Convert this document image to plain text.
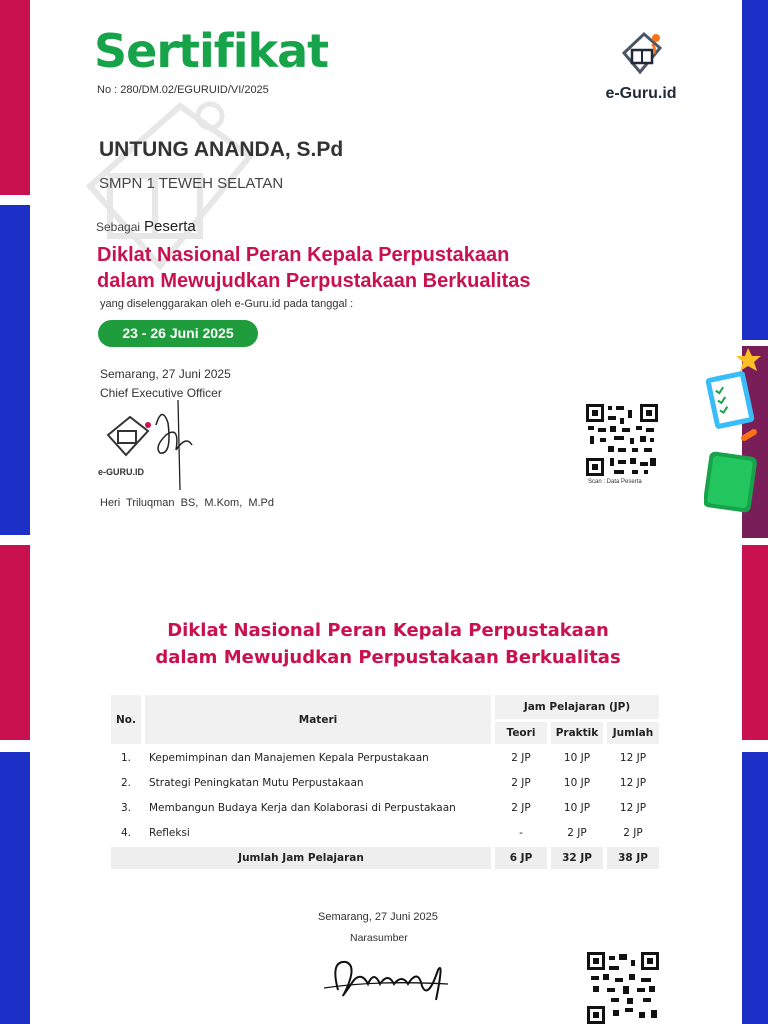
Sertifikat
No : 280/DM.02/EGURUID/VI/2025	e-Guru.id
UNTUNG ANANDA, S.Pd
SMPN 1 TEWEH SELATAN
Sebagai Peserta
Diklat Nasional Peran Kepala Perpustakaan
dalam Mewujudkan Perpustakaan Berkualitas
yang diselenggarakan oleh e-Guru.id pada tanggal :
23 - 26 Juni 2025
Semarang, 27 Juni 2025
Chief Executive Officer
e-GURU.ID
Heri Triluqman BS, M.Kom, M.Pd
Scan : Data Peserta
Diklat Nasional Peran Kepala Perpustakaan
dalam Mewujudkan Perpustakaan Berkualitas
No.	Materi	Jam Pelajaran (JP)		
		Teori	Praktik	Jumlah
1.	Kepemimpinan dan Manajemen Kepala Perpustakaan	2 JP	10 JP	12 JP
2.	Strategi Peningkatan Mutu Perpustakaan	2 JP	10 JP	12 JP
3.	Membangun Budaya Kerja dan Kolaborasi di Perpustakaan	2 JP	10 JP	12 JP
4.	Refleksi	-	2 JP	2 JP
Jumlah Jam Pelajaran		6 JP	32 JP	38 JP
Semarang, 27 Juni 2025
Narasumber
